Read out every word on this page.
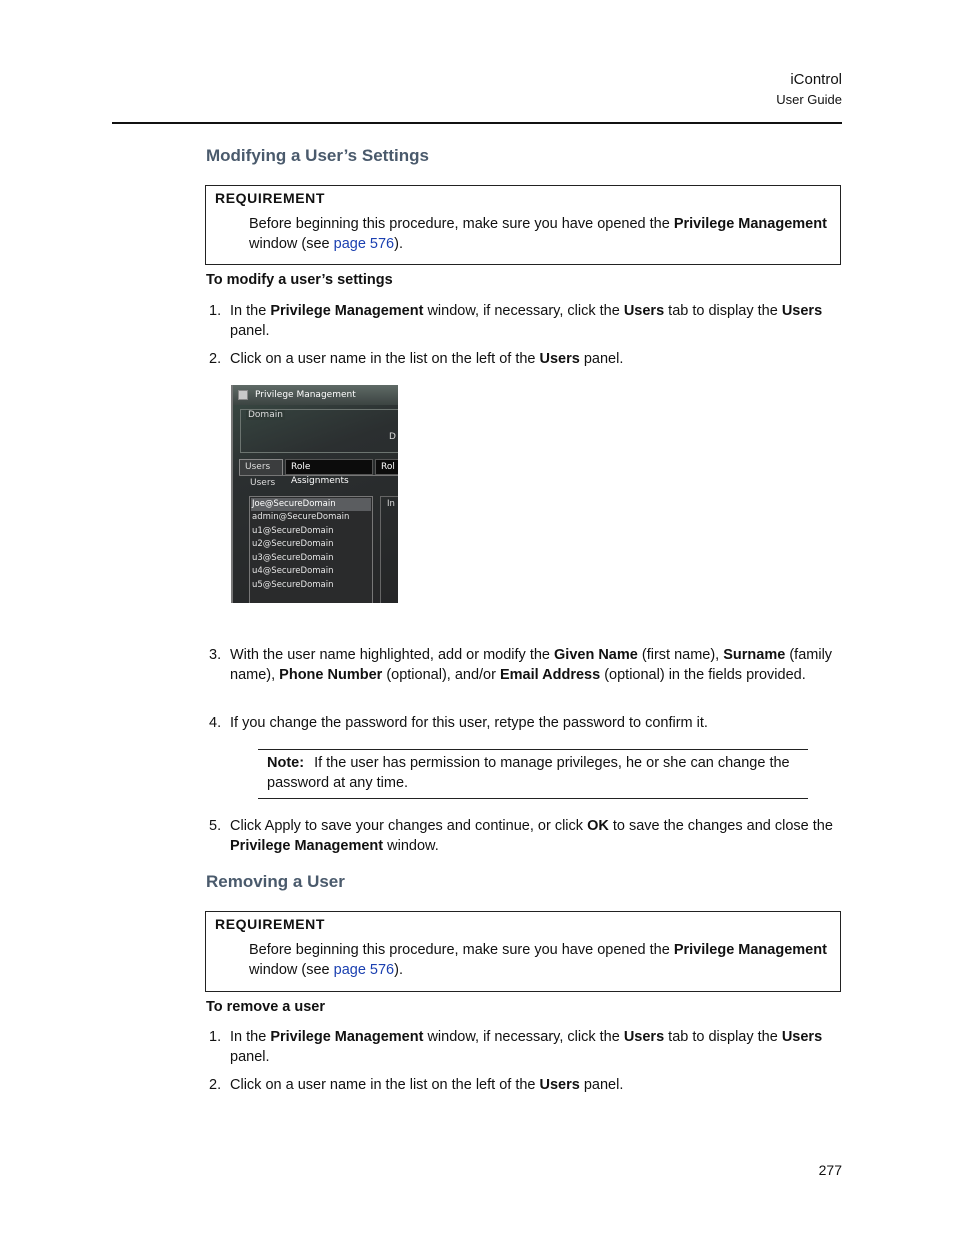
iControl
User Guide
Modifying a User’s Settings
REQUIREMENT
Before beginning this procedure, make sure you have opened the Privilege Management window (see page 576).
To modify a user’s settings
1. In the Privilege Management window, if necessary, click the Users tab to display the Users panel.
2. Click on a user name in the list on the left of the Users panel.
Privilege Management
Domain
D
Users	Role Assignments
Rol
Users
Joe@SecureDomain
admin@SecureDomain
u1@SecureDomain
u2@SecureDomain
u3@SecureDomain
u4@SecureDomain
u5@SecureDomain
In
3. With the user name highlighted, add or modify the Given Name (first name), Surname (family name), Phone Number (optional), and/or Email Address (optional) in the fields provided.
4. If you change the password for this user, retype the password to confirm it.
Note: If the user has permission to manage privileges, he or she can change the password at any time.
5. Click Apply to save your changes and continue, or click OK to save the changes and close the Privilege Management window.
Removing a User
REQUIREMENT
Before beginning this procedure, make sure you have opened the Privilege Management window (see page 576).
To remove a user
1. In the Privilege Management window, if necessary, click the Users tab to display the Users panel.
2. Click on a user name in the list on the left of the Users panel.
277
